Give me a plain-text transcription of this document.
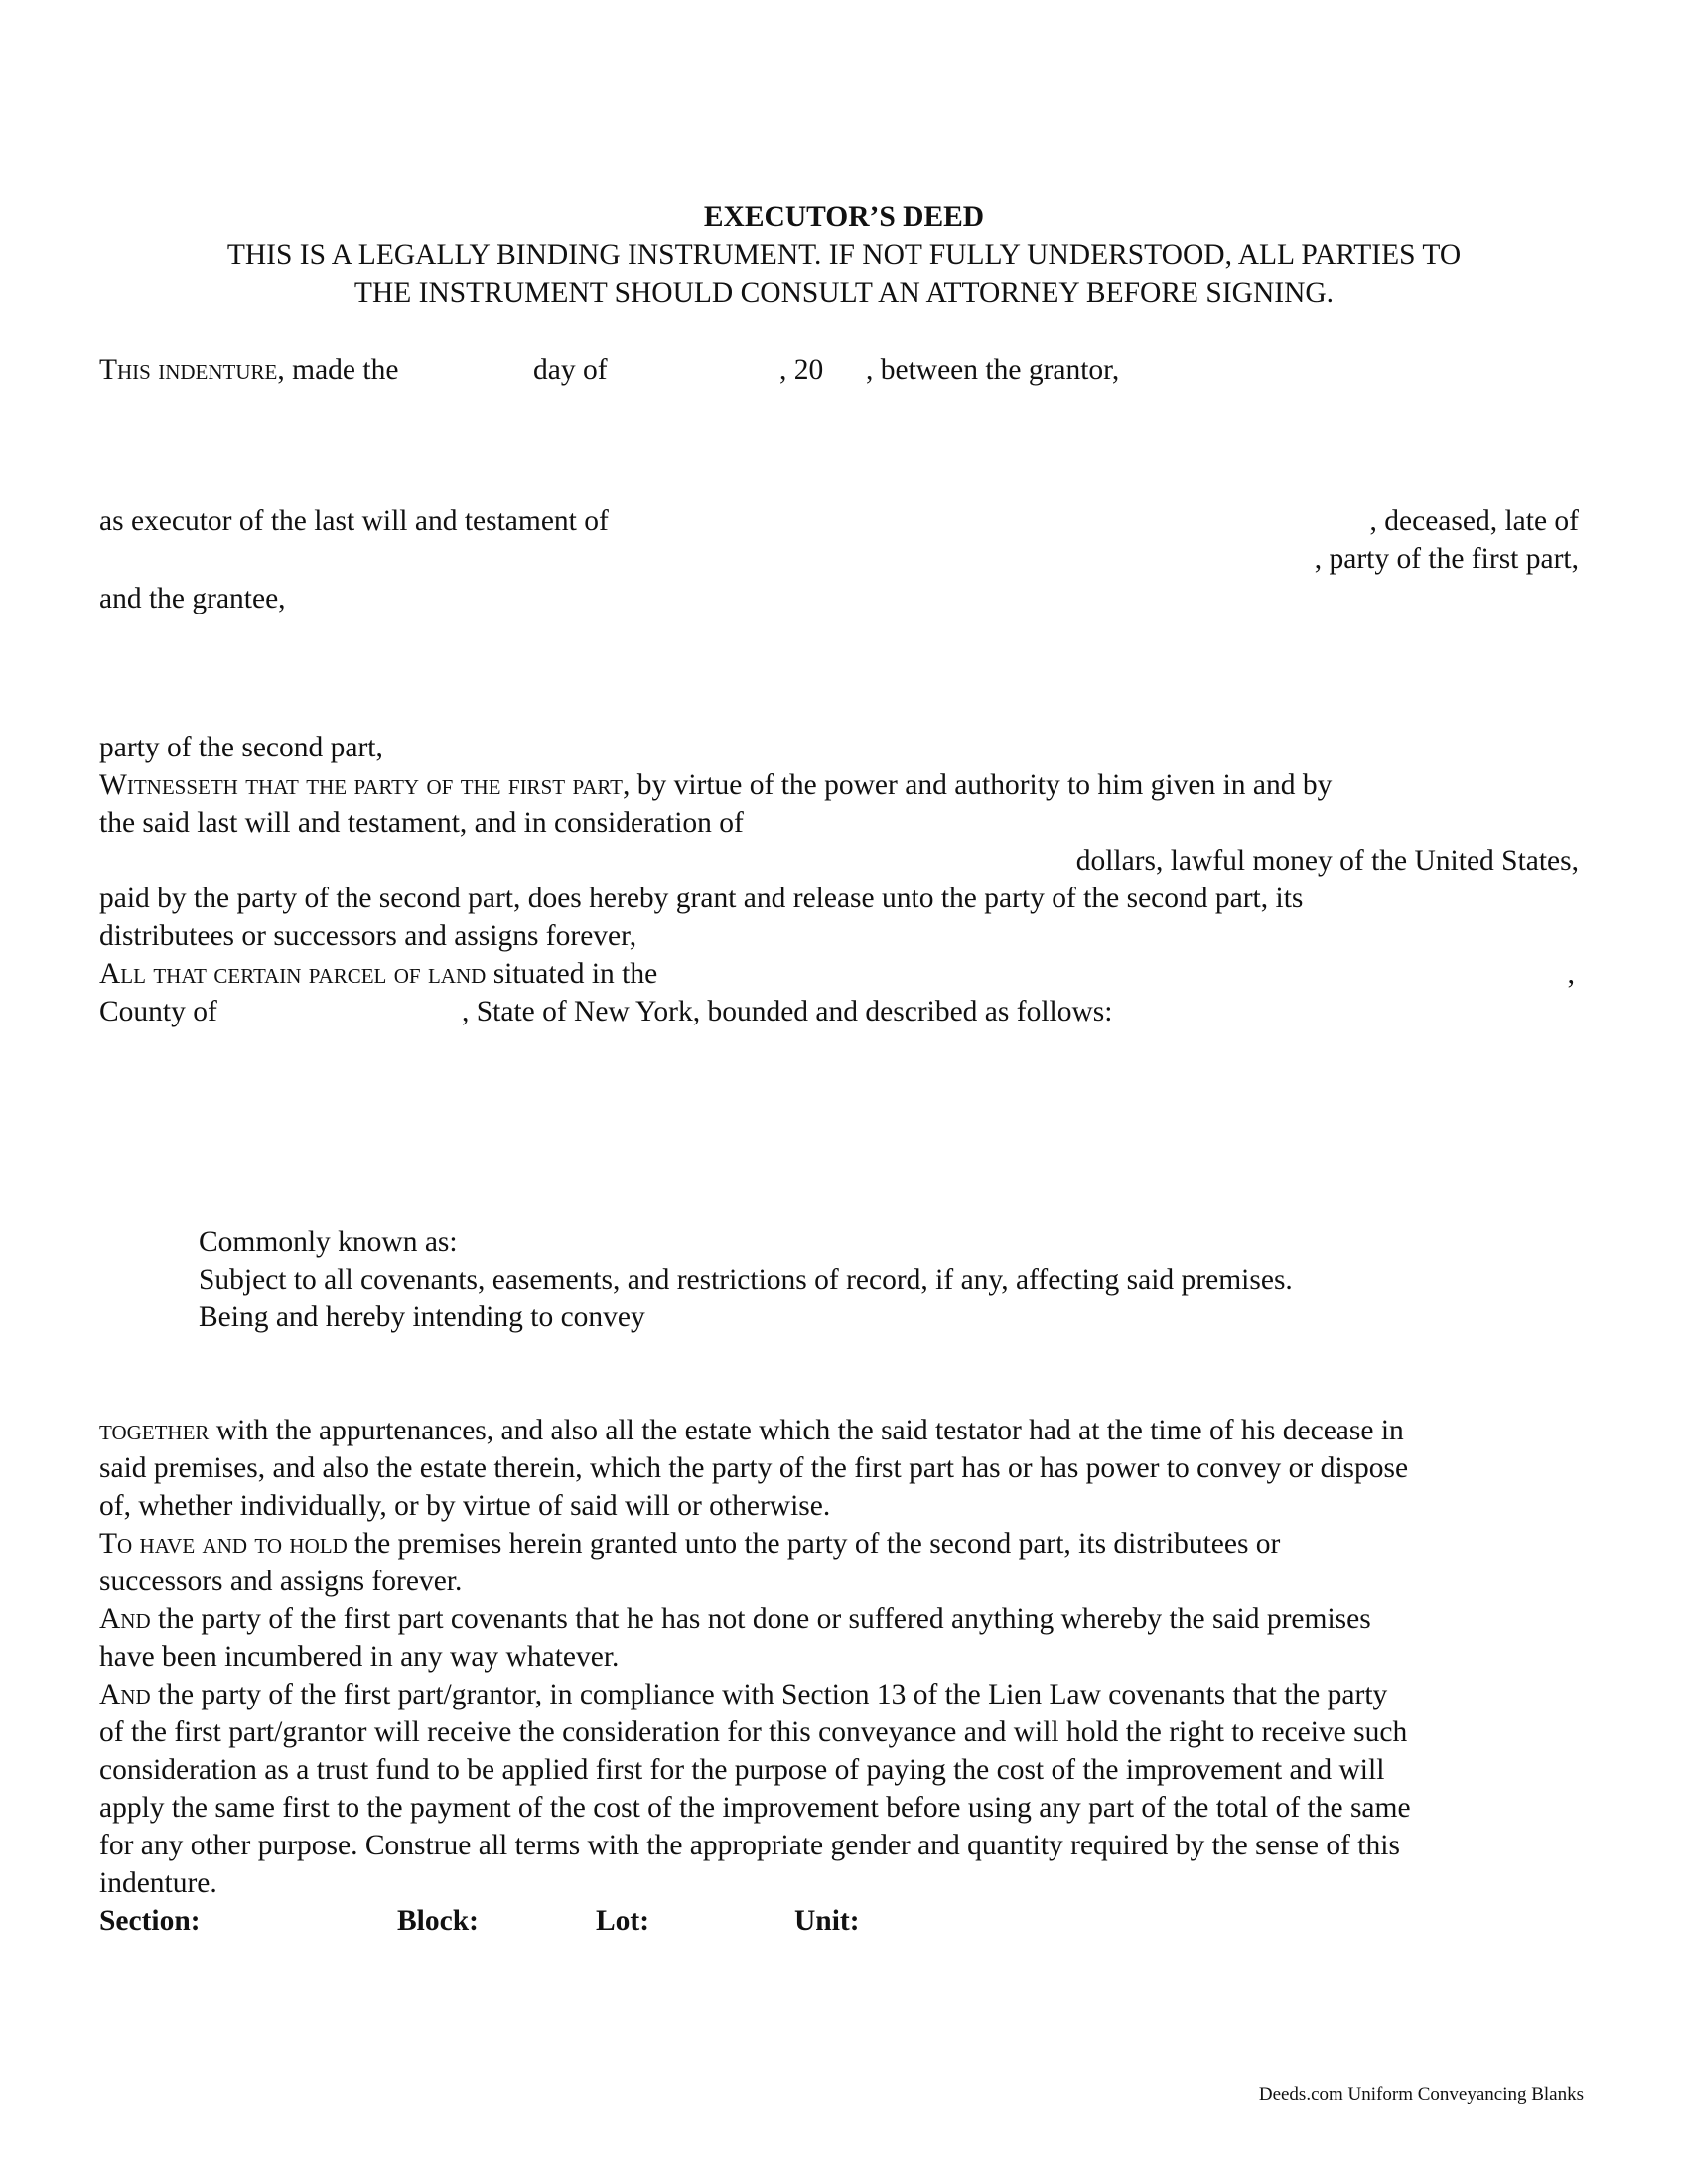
EXECUTOR’S DEED
THIS IS A LEGALLY BINDING INSTRUMENT. IF NOT FULLY UNDERSTOOD, ALL PARTIES TO
THE INSTRUMENT SHOULD CONSULT AN ATTORNEY BEFORE SIGNING.
This indenture, made the	day of	, 20 , between the grantor,
as executor of the last will and testament of	, deceased, late of
, party of the first part,
and the grantee,
party of the second part,
Witnesseth that the party of the first part, by virtue of the power and authority to him given in and by
the said last will and testament, and in consideration of
dollars, lawful money of the United States,
paid by the party of the second part, does hereby grant and release unto the party of the second part, its
distributees or successors and assigns forever,
All that certain parcel of land situated in the	,
County of	, State of New York, bounded and described as follows:
Commonly known as:
Subject to all covenants, easements, and restrictions of record, if any, affecting said premises.
Being and hereby intending to convey
together with the appurtenances, and also all the estate which the said testator had at the time of his decease in
said premises, and also the estate therein, which the party of the first part has or has power to convey or dispose
of, whether individually, or by virtue of said will or otherwise.
To have and to hold the premises herein granted unto the party of the second part, its distributees or
successors and assigns forever.
And the party of the first part covenants that he has not done or suffered anything whereby the said premises
have been incumbered in any way whatever.
And the party of the first part/grantor, in compliance with Section 13 of the Lien Law covenants that the party
of the first part/grantor will receive the consideration for this conveyance and will hold the right to receive such
consideration as a trust fund to be applied first for the purpose of paying the cost of the improvement and will
apply the same first to the payment of the cost of the improvement before using any part of the total of the same
for any other purpose. Construe all terms with the appropriate gender and quantity required by the sense of this
indenture.
Section:	Block:	Lot:	Unit:
Deeds.com Uniform Conveyancing Blanks
